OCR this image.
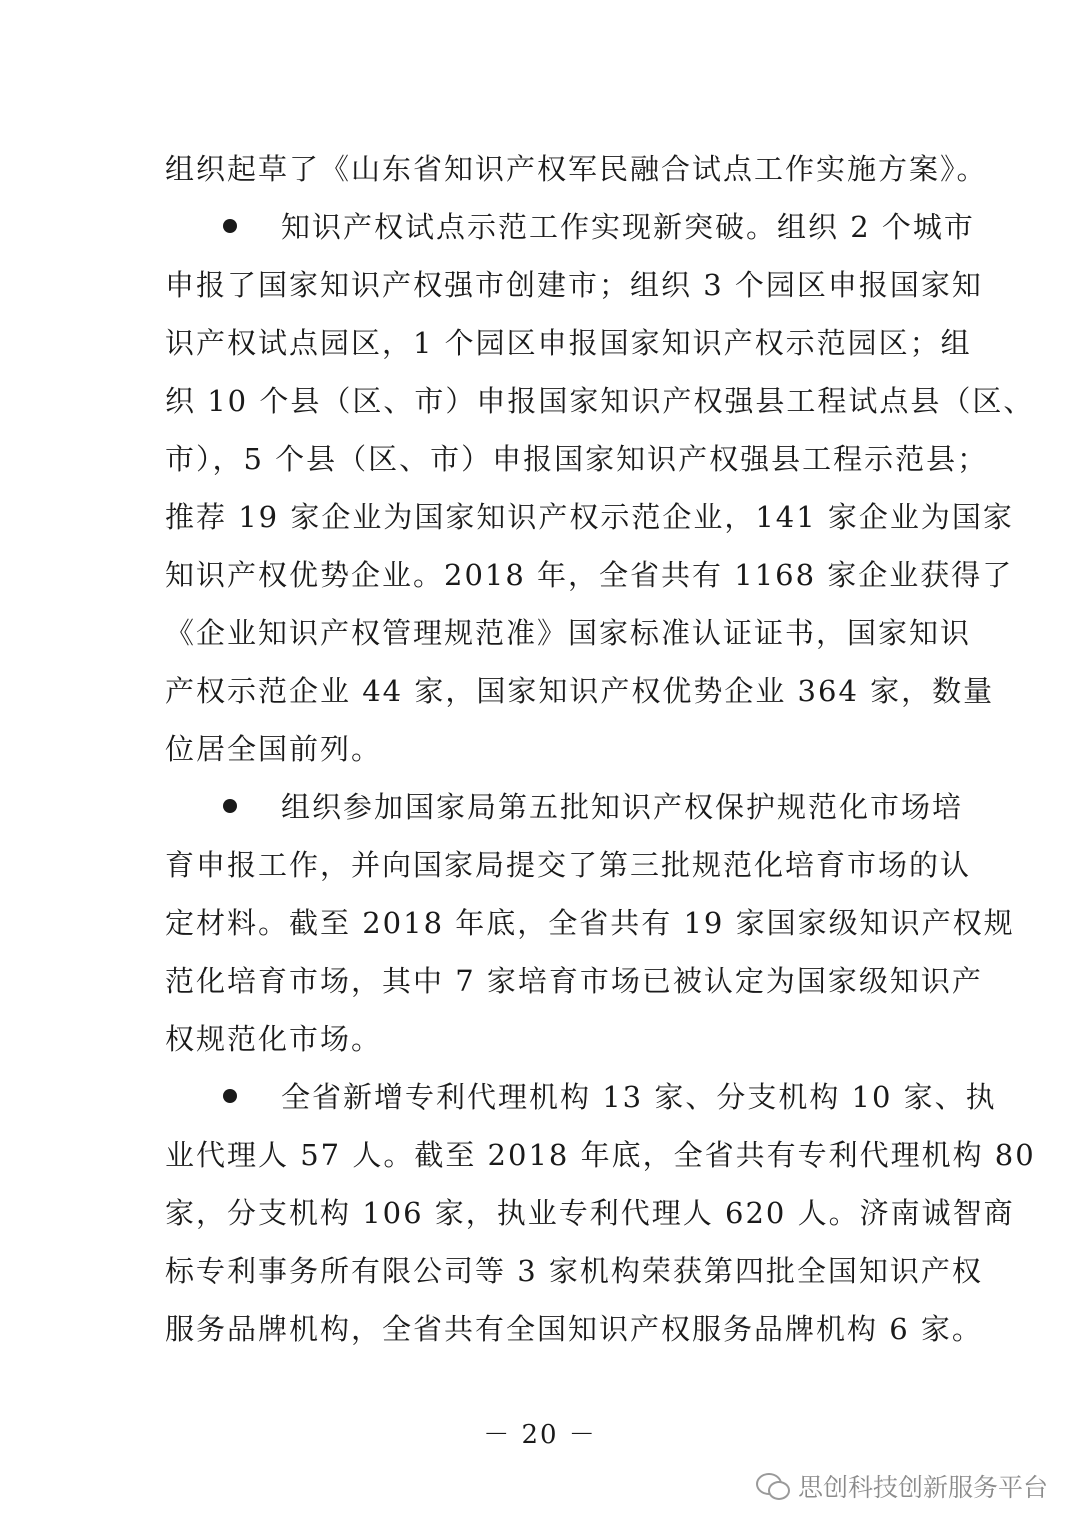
组织起草了《山东省知识产权军民融合试点工作实施方案》。
知识产权试点示范工作实现新突破。组织 2 个城市
申报了国家知识产权强市创建市；组织 3 个园区申报国家知
识产权试点园区，1 个园区申报国家知识产权示范园区；组
织 10 个县（区、市）申报国家知识产权强县工程试点县（区、
市），5 个县（区、市）申报国家知识产权强县工程示范县；
推荐 19 家企业为国家知识产权示范企业，141 家企业为国家
知识产权优势企业。2018 年，全省共有 1168 家企业获得了
《企业知识产权管理规范准》国家标准认证证书，国家知识
产权示范企业 44 家，国家知识产权优势企业 364 家，数量
位居全国前列。
组织参加国家局第五批知识产权保护规范化市场培
育申报工作，并向国家局提交了第三批规范化培育市场的认
定材料。截至 2018 年底，全省共有 19 家国家级知识产权规
范化培育市场，其中 7 家培育市场已被认定为国家级知识产
权规范化市场。
全省新增专利代理机构 13 家、分支机构 10 家、执
业代理人 57 人。截至 2018 年底，全省共有专利代理机构 80
家，分支机构 106 家，执业专利代理人 620 人。济南诚智商
标专利事务所有限公司等 3 家机构荣获第四批全国知识产权
服务品牌机构，全省共有全国知识产权服务品牌机构 6 家。
－ 20 －
思创科技创新服务平台
